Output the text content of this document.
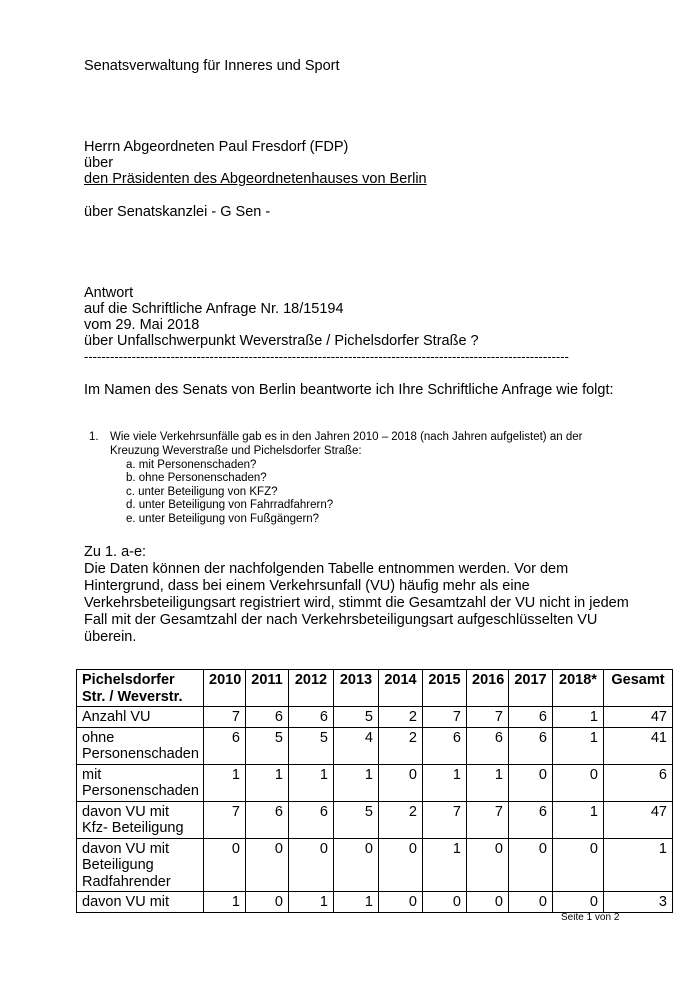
Senatsverwaltung für Inneres und Sport
Herrn Abgeordneten Paul Fresdorf (FDP)
über
den Präsidenten des Abgeordnetenhauses von Berlin
über Senatskanzlei - G Sen -
Antwort
auf die Schriftliche Anfrage Nr. 18/15194
vom 29. Mai 2018
über Unfallschwerpunkt Weverstraße / Pichelsdorfer Straße ?
----------------------------------------------------------------------------------------------------------------
Im Namen des Senats von Berlin beantworte ich Ihre Schriftliche Anfrage wie folgt:
1. Wie viele Verkehrsunfälle gab es in den Jahren 2010 – 2018 (nach Jahren aufgelistet) an der
Kreuzung Weverstraße und Pichelsdorfer Straße:
a. mit Personenschaden?
b. ohne Personenschaden?
c. unter Beteiligung von KFZ?
d. unter Beteiligung von Fahrradfahrern?
e. unter Beteiligung von Fußgängern?
Zu 1. a-e:
Die Daten können der nachfolgenden Tabelle entnommen werden. Vor dem
Hintergrund, dass bei einem Verkehrsunfall (VU) häufig mehr als eine
Verkehrsbeteiligungsart registriert wird, stimmt die Gesamtzahl der VU nicht in jedem
Fall mit der Gesamtzahl der nach Verkehrsbeteiligungsart aufgeschlüsselten VU
überein.
Pichelsdorfer Str. / Weverstr.	2010	2011	2012	2013	2014	2015	2016	2017	2018*	Gesamt
Anzahl VU	7	6	6	5	2	7	7	6	1	47
ohne Personenschaden	6	5	5	4	2	6	6	6	1	41
mit Personenschaden	1	1	1	1	0	1	1	0	0	6
davon VU mit Kfz- Beteiligung	7	6	6	5	2	7	7	6	1	47
davon VU mit Beteiligung Radfahrender	0	0	0	0	0	1	0	0	0	1
davon VU mit	1	0	1	1	0	0	0	0	0	3
Seite 1 von 2
